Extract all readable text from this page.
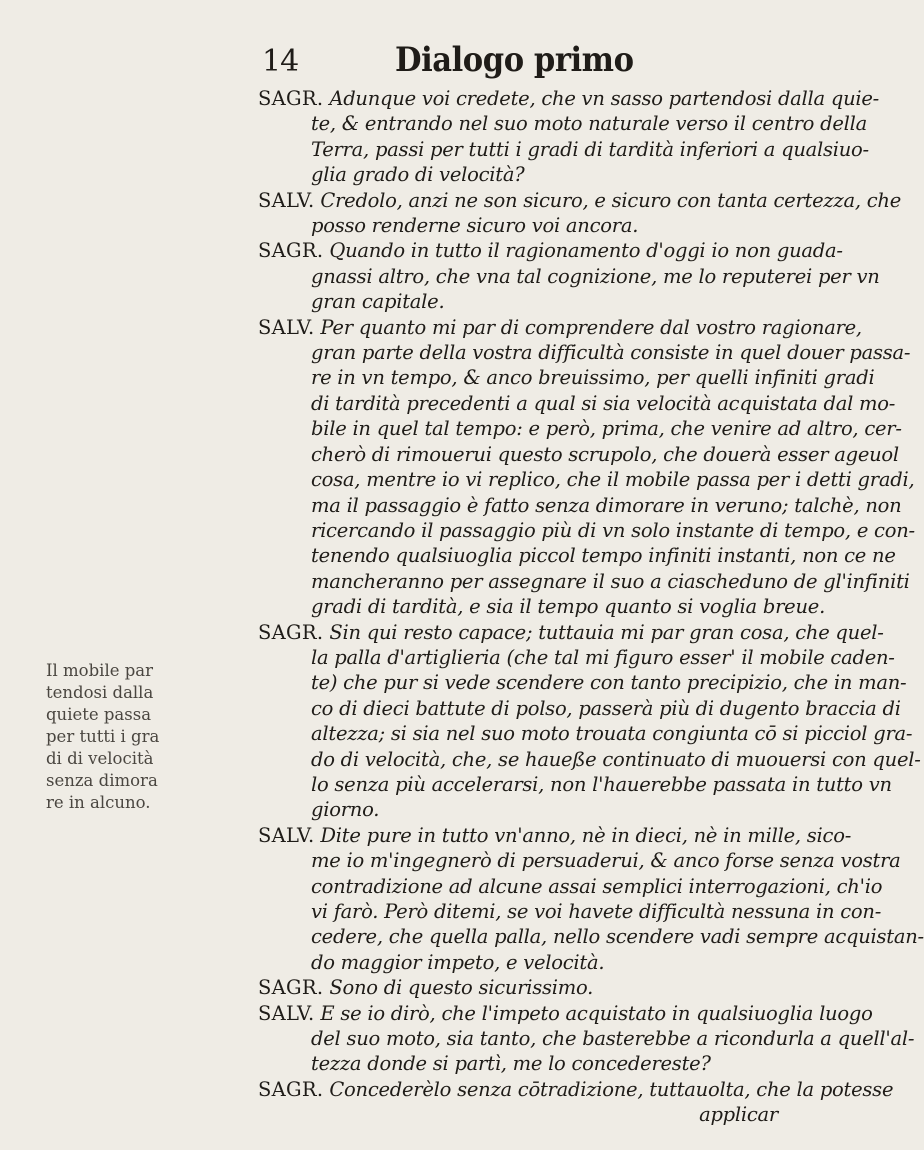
14	Dialogo primo
Il mobile par
tendosi dalla
quiete passa
per tutti i gra
di di velocità
senza dimora
re in alcuno.
SAGR. Adunque voi credete, che vn sasso partendosi dalla quie-
te, & entrando nel suo moto naturale verso il centro della
Terra, passi per tutti i gradi di tardità inferiori a qualsiuo-
glia grado di velocità?
SALV. Credolo, anzi ne son sicuro, e sicuro con tanta certezza, che
posso renderne sicuro voi ancora.
SAGR. Quando in tutto il ragionamento d'oggi io non guada-
gnassi altro, che vna tal cognizione, me lo reputerei per vn
gran capitale.
SALV. Per quanto mi par di comprendere dal vostro ragionare,
gran parte della vostra difficultà consiste in quel douer passa-
re in vn tempo, & anco breuissimo, per quelli infiniti gradi
di tardità precedenti a qual si sia velocità acquistata dal mo-
bile in quel tal tempo: e però, prima, che venire ad altro, cer-
cherò di rimouerui questo scrupolo, che douerà esser ageuol
cosa, mentre io vi replico, che il mobile passa per i detti gradi,
ma il passaggio è fatto senza dimorare in veruno; talchè, non
ricercando il passaggio più di vn solo instante di tempo, e con-
tenendo qualsiuoglia piccol tempo infiniti instanti, non ce ne
mancheranno per assegnare il suo a ciascheduno de gl'infiniti
gradi di tardità, e sia il tempo quanto si voglia breue.
SAGR. Sin qui resto capace; tuttauia mi par gran cosa, che quel-
la palla d'artiglieria (che tal mi figuro esser' il mobile caden-
te) che pur si vede scendere con tanto precipizio, che in man-
co di dieci battute di polso, passerà più di dugento braccia di
altezza; si sia nel suo moto trouata congiunta cō si picciol gra-
do di velocità, che, se haueße continuato di muouersi con quel-
lo senza più accelerarsi, non l'hauerebbe passata in tutto vn
giorno.
SALV. Dite pure in tutto vn'anno, nè in dieci, nè in mille, sico-
me io m'ingegnerò di persuaderui, & anco forse senza vostra
contradizione ad alcune assai semplici interrogazioni, ch'io
vi farò. Però ditemi, se voi havete difficultà nessuna in con-
cedere, che quella palla, nello scendere vadi sempre acquistan-
do maggior impeto, e velocità.
SAGR. Sono di questo sicurissimo.
SALV. E se io dirò, che l'impeto acquistato in qualsiuoglia luogo
del suo moto, sia tanto, che basterebbe a ricondurla a quell'al-
tezza donde si partì, me lo concedereste?
SAGR. Concederèlo senza cōtradizione, tuttauolta, che la potesse
applicar
